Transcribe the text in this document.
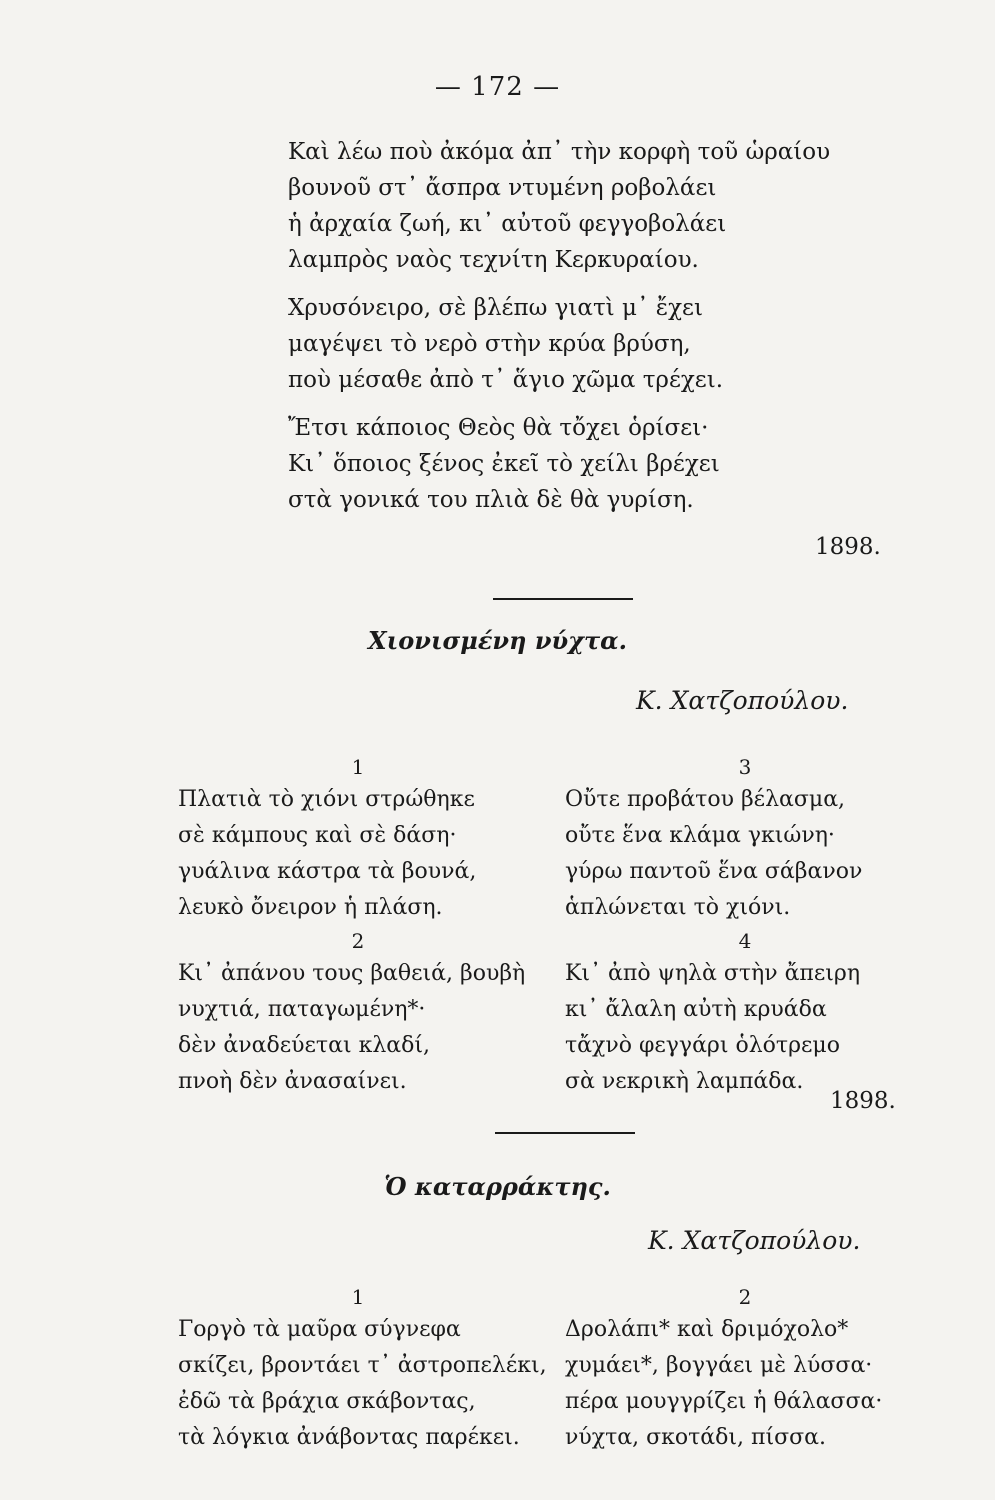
— 172 —
Καὶ λέω ποὺ ἀκόμα ἀπ᾽ τὴν κορφὴ τοῦ ὡραίου
βουνοῦ στ᾽ ἄσπρα ντυμένη ροβολάει
ἡ ἀρχαία ζωή, κι᾽ αὐτοῦ φεγγοβολάει
λαμπρὸς ναὸς τεχνίτη Κερκυραίου.
Χρυσόνειρο, σὲ βλέπω γιατὶ μ᾽ ἔχει
μαγέψει τὸ νερὸ στὴν κρύα βρύση,
ποὺ μέσαθε ἀπὸ τ᾽ ἅγιο χῶμα τρέχει.
Ἔτσι κάποιος Θεὸς θὰ τὄχει ὁρίσει·
Κι᾽ ὅποιος ξένος ἐκεῖ τὸ χείλι βρέχει
στὰ γονικά του πλιὰ δὲ θὰ γυρίση.
1898.
Χιονισμένη νύχτα.
Κ. Χατζοπούλου.
1
Πλατιὰ τὸ χιόνι στρώθηκε
σὲ κάμπους καὶ σὲ δάση·
γυάλινα κάστρα τὰ βουνά,
λευκὸ ὄνειρον ἡ πλάση.
2
Κι᾽ ἀπάνου τους βαθειά, βουβὴ
νυχτιά, παταγωμένη*·
δὲν ἀναδεύεται κλαδί,
πνοὴ δὲν ἀνασαίνει.
3
Οὔτε προβάτου βέλασμα,
οὔτε ἕνα κλάμα γκιώνη·
γύρω παντοῦ ἕνα σάβανον
ἁπλώνεται τὸ χιόνι.
4
Κι᾽ ἀπὸ ψηλὰ στὴν ἄπειρη
κι᾽ ἄλαλη αὐτὴ κρυάδα
τἄχνὸ φεγγάρι ὁλότρεμο
σὰ νεκρικὴ λαμπάδα.
1898.
Ὁ καταρράκτης.
Κ. Χατζοπούλου.
1
Γοργὸ τὰ μαῦρα σύγνεφα
σκίζει, βροντάει τ᾽ ἀστροπελέκι,
ἐδῶ τὰ βράχια σκάβοντας,
τὰ λόγκια ἀνάβοντας παρέκει.
2
Δρολάπι* καὶ δριμόχολο*
χυμάει*, βογγάει μὲ λύσσα·
πέρα μουγγρίζει ἡ θάλασσα·
νύχτα, σκοτάδι, πίσσα.
